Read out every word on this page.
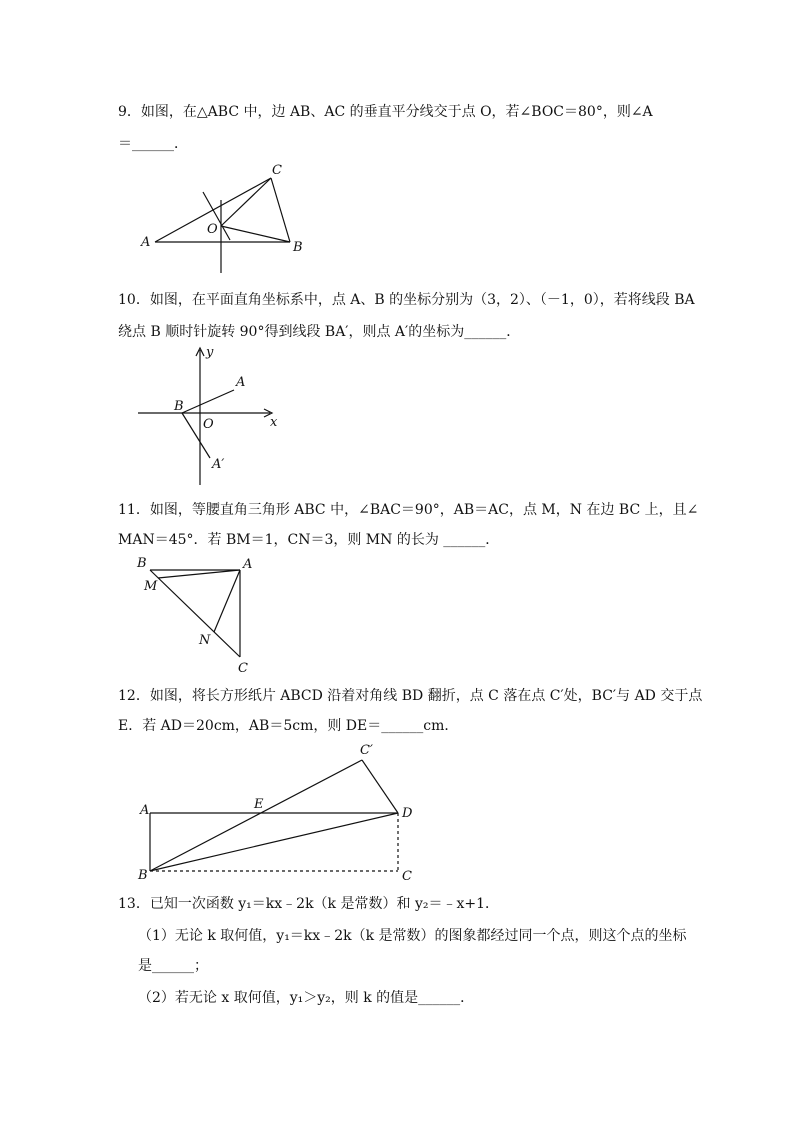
9．如图，在△ABC 中，边 AB、AC 的垂直平分线交于点 O，若∠BOC＝80°，则∠A
＝______．
C
O
A	B
10．如图，在平面直角坐标系中，点 A、B 的坐标分别为（3，2）、（－1，0），若将线段 BA
绕点 B 顺时针旋转 90°得到线段 BA′，则点 A′的坐标为______．
y
x
A
B
O
A′
11．如图，等腰直角三角形 ABC 中，∠BAC＝90°，AB＝AC，点 M，N 在边 BC 上，且∠
MAN＝45°．若 BM＝1，CN＝3，则 MN 的长为 ______．
B	A
M
N
C
12．如图，将长方形纸片 ABCD 沿着对角线 BD 翻折，点 C 落在点 C′处，BC′与 AD 交于点
E．若 AD＝20cm，AB＝5cm，则 DE＝______cm．
C′
A	E
D
B	C
13．已知一次函数 y₁＝kx﹣2k（k 是常数）和 y₂＝﹣x+1．
（1）无论 k 取何值，y₁＝kx﹣2k（k 是常数）的图象都经过同一个点，则这个点的坐标
是______；
（2）若无论 x 取何值，y₁＞y₂，则 k 的值是______．
